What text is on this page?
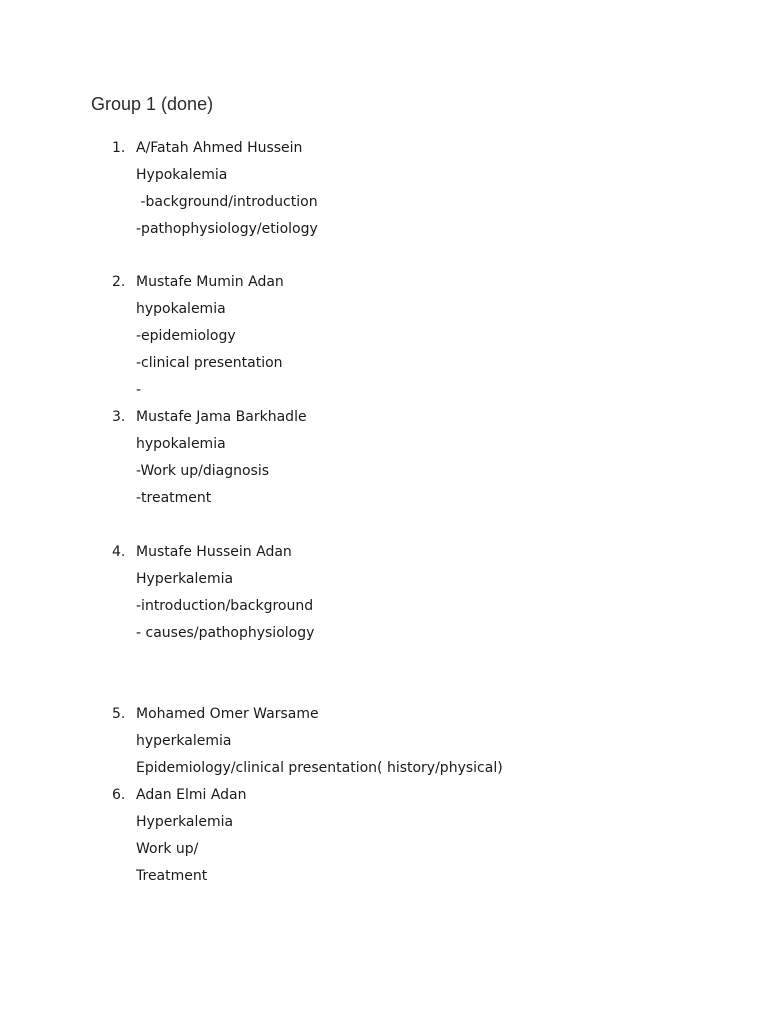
Group 1 (done)
1. A/Fatah Ahmed Hussein
Hypokalemia
-background/introduction
-pathophysiology/etiology
2. Mustafe Mumin Adan
hypokalemia
-epidemiology
-clinical presentation
-
3. Mustafe Jama Barkhadle
hypokalemia
-Work up/diagnosis
-treatment
4. Mustafe Hussein Adan
Hyperkalemia
-introduction/background
- causes/pathophysiology
5. Mohamed Omer Warsame
hyperkalemia
Epidemiology/clinical presentation( history/physical)
6. Adan Elmi Adan
Hyperkalemia
Work up/
Treatment
